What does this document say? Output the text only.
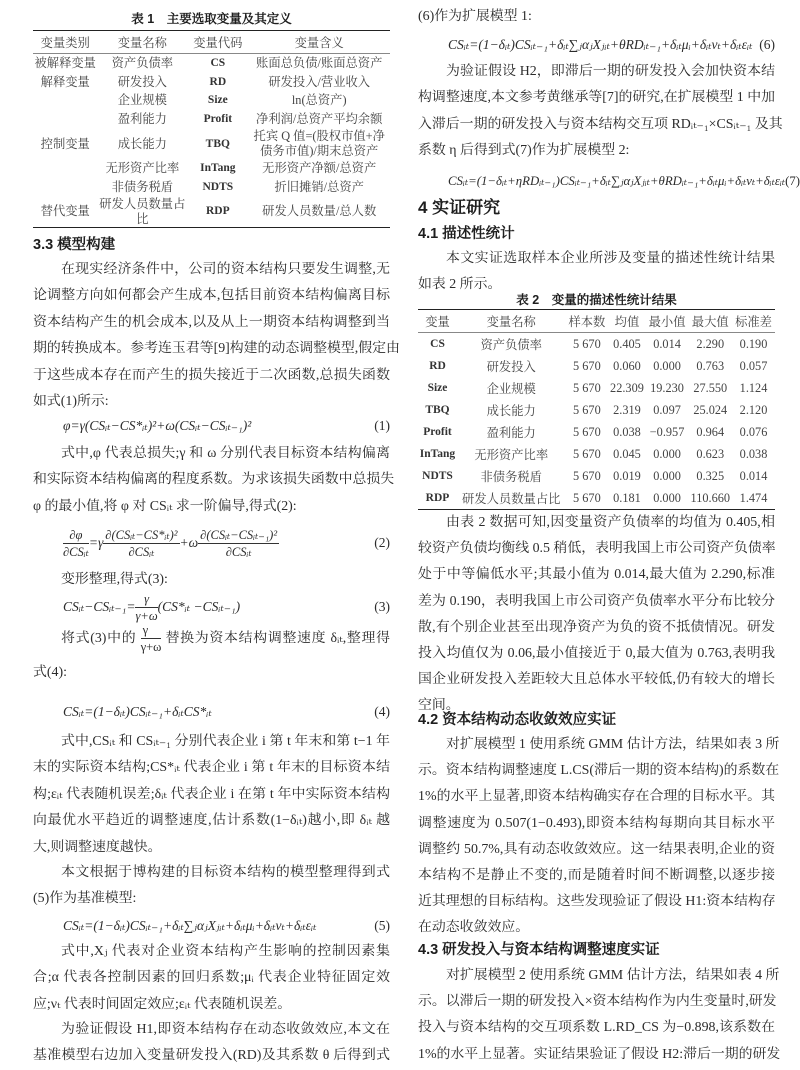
表 1　主要选取变量及其定义
变量类别	变量名称	变量代码	变量含义
被解释变量	资产负债率	CS	账面总负债/账面总资产
解释变量	研发投入	RD	研发投入/营业收入
	企业规模	Size	ln(总资产)
	盈利能力	Profit	净利润/总资产平均余额
控制变量	成长能力	TBQ	托宾 Q 值=(股权市值+净债务市值)/期末总资产
	无形资产比率	InTang	无形资产净额/总资产
	非债务税盾	NDTS	折旧摊销/总资产
替代变量	研发人员数量占比	RDP	研发人员数量/总人数
3.3 模型构建
在现实经济条件中，公司的资本结构只要发生调整,无
论调整方向如何都会产生成本,包括目前资本结构偏离目标
资本结构产生的机会成本,以及从上一期资本结构调整到当
期的转换成本。参考连玉君等[9]构建的动态调整模型,假定由
于这些成本存在而产生的损失接近于二次函数,总损失函数
如式(1)所示:
φ=γ(CSᵢₜ−CS*ᵢₜ)²+ω(CSᵢₜ−CSᵢₜ₋₁)²	(1)
式中,φ 代表总损失;γ 和 ω 分别代表目标资本结构偏离
和实际资本结构偏离的程度系数。为求该损失函数中总损失
φ 的最小值,将 φ 对 CSᵢₜ 求一阶偏导,得式(2):
$\frac{\partial\varphi}{\text{∂CSᵢₜ}} =\gamma \frac{\text{∂(CSᵢₜ−CS*ᵢₜ)²}}{\text{∂CSᵢₜ}} +\omega \frac{\text{∂(CSᵢₜ−CSᵢₜ₋₁)²}}{\text{∂CSᵢₜ}}$	(2)
变形整理,得式(3):
CSᵢₜ−CSᵢₜ₋₁= $\frac{\gamma}{\gamma+\omega}$ (CS*ᵢₜ −CSᵢₜ₋₁)	(3)
将式(3)中的 $\frac{\gamma}{\gamma+\omega}$ 替换为资本结构调整速度 δᵢₜ,整理得
式(4):
CSᵢₜ=(1−δᵢₜ)CSᵢₜ₋₁+δᵢₜCS*ᵢₜ	(4)
式中,CSᵢₜ 和 CSᵢₜ₋₁ 分别代表企业 i 第 t 年末和第 t−1 年
末的实际资本结构;CS*ᵢₜ 代表企业 i 第 t 年末的目标资本结
构;εᵢₜ 代表随机误差;δᵢₜ 代表企业 i 在第 t 年中实际资本结构
向最优水平趋近的调整速度,估计系数(1−δᵢₜ)越小,即 δᵢₜ 越
大,则调整速度越快。
本文根据于博构建的目标资本结构的模型整理得到式
(5)作为基准模型:
CSᵢₜ=(1−δᵢₜ)CSᵢₜ₋₁+δᵢₜ∑ⱼαⱼXⱼᵢₜ+δᵢₜμᵢ+δᵢₜνₜ+δᵢₜεᵢₜ	(5)
式中,Xⱼ 代表对企业资本结构产生影响的控制因素集
合;α 代表各控制因素的回归系数;μᵢ 代表企业特征固定效
应;νₜ 代表时间固定效应;εᵢₜ 代表随机误差。
为验证假设 H1,即资本结构存在动态收敛效应,本文在
基准模型右边加入变量研发投入(RD)及其系数 θ 后得到式
(6)作为扩展模型 1:
CSᵢₜ=(1−δᵢₜ)CSᵢₜ₋₁+δᵢₜ∑ⱼαⱼXⱼᵢₜ+θRDᵢₜ₋₁+δᵢₜμᵢ+δᵢₜνₜ+δᵢₜεᵢₜ (6)
为验证假设 H2，即滞后一期的研发投入会加快资本结
构调整速度,本文参考黄继承等[7]的研究,在扩展模型 1 中加
入滞后一期的研发投入与资本结构交互项 RDᵢₜ₋₁×CSᵢₜ₋₁ 及其
系数 η 后得到式(7)作为扩展模型 2:
CSᵢₜ=(1−δᵢₜ+ηRDᵢₜ₋₁)CSᵢₜ₋₁+δᵢₜ∑ⱼαⱼXⱼᵢₜ+θRDᵢₜ₋₁+δᵢₜμᵢ+δᵢₜνₜ+δᵢₜεᵢₜ(7)
4 实证研究
4.1 描述性统计
本文实证选取样本企业所涉及变量的描述性统计结果
如表 2 所示。
表 2　变量的描述性统计结果
变量	变量名称	样本数	均值	最小值	最大值	标准差
CS	资产负债率	5 670	0.405	0.014	2.290	0.190
RD	研发投入	5 670	0.060	0.000	0.763	0.057
Size	企业规模	5 670	22.309	19.230	27.550	1.124
TBQ	成长能力	5 670	2.319	0.097	25.024	2.120
Profit	盈利能力	5 670	0.038	−0.957	0.964	0.076
InTang	无形资产比率	5 670	0.045	0.000	0.623	0.038
NDTS	非债务税盾	5 670	0.019	0.000	0.325	0.014
RDP	研发人员数量占比	5 670	0.181	0.000	110.660	1.474
由表 2 数据可知,因变量资产负债率的均值为 0.405,相
较资产负债均衡线 0.5 稍低，表明我国上市公司资产负债率
处于中等偏低水平;其最小值为 0.014,最大值为 2.290,标准
差为 0.190，表明我国上市公司资产负债率水平分布比较分
散,有个别企业甚至出现净资产为负的资不抵债情况。研发
投入均值仅为 0.06,最小值接近于 0,最大值为 0.763,表明我
国企业研发投入差距较大且总体水平较低,仍有较大的增长
空间。
4.2 资本结构动态收敛效应实证
对扩展模型 1 使用系统 GMM 估计方法，结果如表 3 所
示。资本结构调整速度 L.CS(滞后一期的资本结构)的系数在
1%的水平上显著,即资本结构确实存在合理的目标水平。其
调整速度为 0.507(1−0.493),即资本结构每期向其目标水平
调整约 50.7%,具有动态收敛效应。这一结果表明,企业的资
本结构不是静止不变的,而是随着时间不断调整,以逐步接
近其理想的目标结构。这些发现验证了假设 H1:资本结构存
在动态收敛效应。
4.3 研发投入与资本结构调整速度实证
对扩展模型 2 使用系统 GMM 估计方法，结果如表 4 所
示。以滞后一期的研发投入×资本结构作为内生变量时,研发
投入与资本结构的交互项系数 L.RD_CS 为−0.898,该系数在
1%的水平上显著。实证结果验证了假设 H2:滞后一期的研发
